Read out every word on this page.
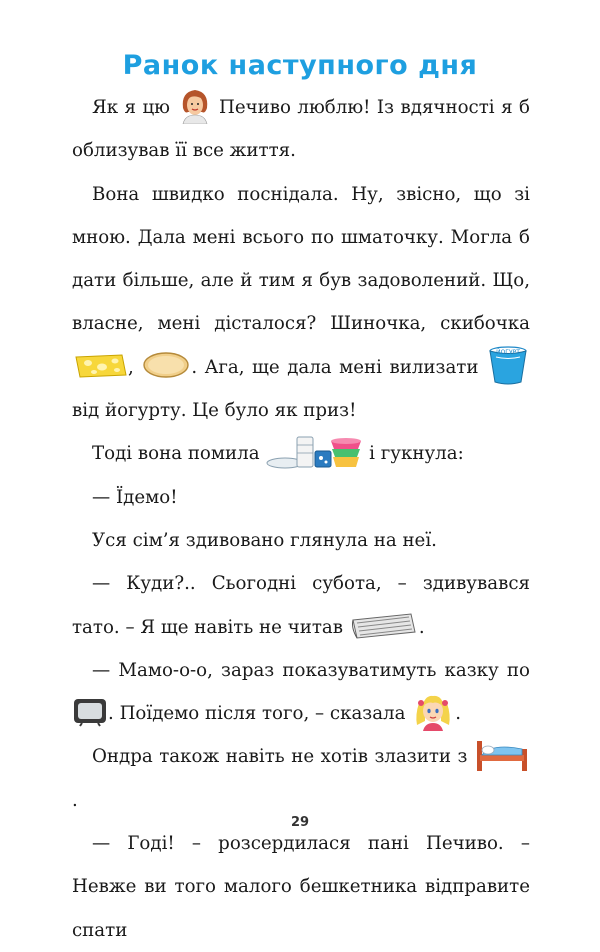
Ранок наступного дня

Як я цю	Печиво люблю! Із вдячності я б облизував її все життя.

Вона швидко поснідала. Ну, звісно, що зі мною. Дала мені всього по шматочку. Могла б дати більше, але й тим я був задоволений. Що, власне, мені дісталося? Шиночка, скибочка
,	. Ага, ще дала мені вилизати
ЙОГУРТ
від йогурту. Це було як приз!

Тоді вона помила	і гукнула:

— Їдемо!

Уся сім’я здивовано глянула на неї.

— Куди?.. Сьогодні субота, – здивувався тато. – Я ще навіть не читав	.

— Мамо-о-о, зараз показуватимуть казку по
. Поїдемо після того, – сказала	.

Ондра також навіть не хотів злазити з
.

— Годі! – розсердилася пані Печиво. – Невже ви того малого бешкетника відправите спати

29
